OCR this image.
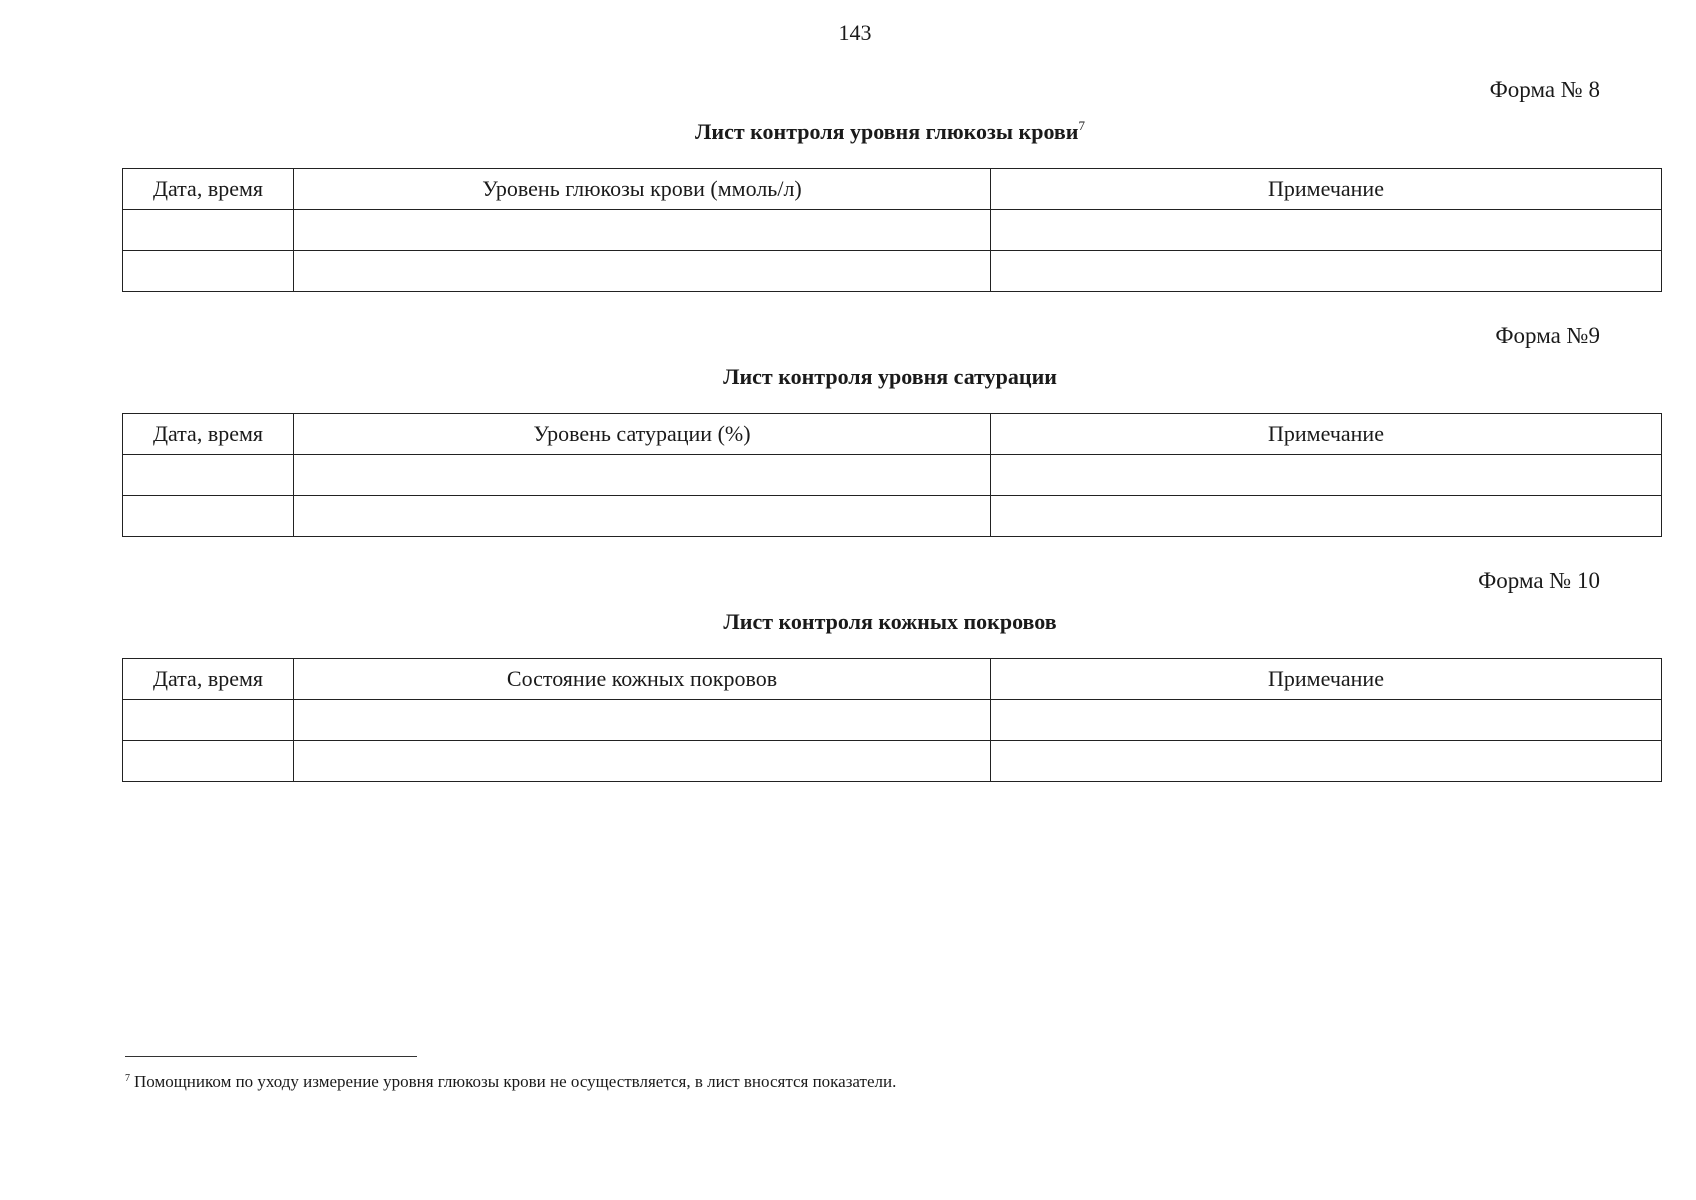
143
Форма № 8
Лист контроля уровня глюкозы крови$^7$
Дата, время	Уровень глюкозы крови (ммоль/л)	Примечание

Форма №9
Лист контроля уровня сатурации
Дата, время	Уровень сатурации (%)	Примечание

Форма № 10
Лист контроля кожных покровов
Дата, время	Состояние кожных покровов	Примечание

$^7$ Помощником по уходу измерение уровня глюкозы крови не осуществляется, в лист вносятся показатели.
